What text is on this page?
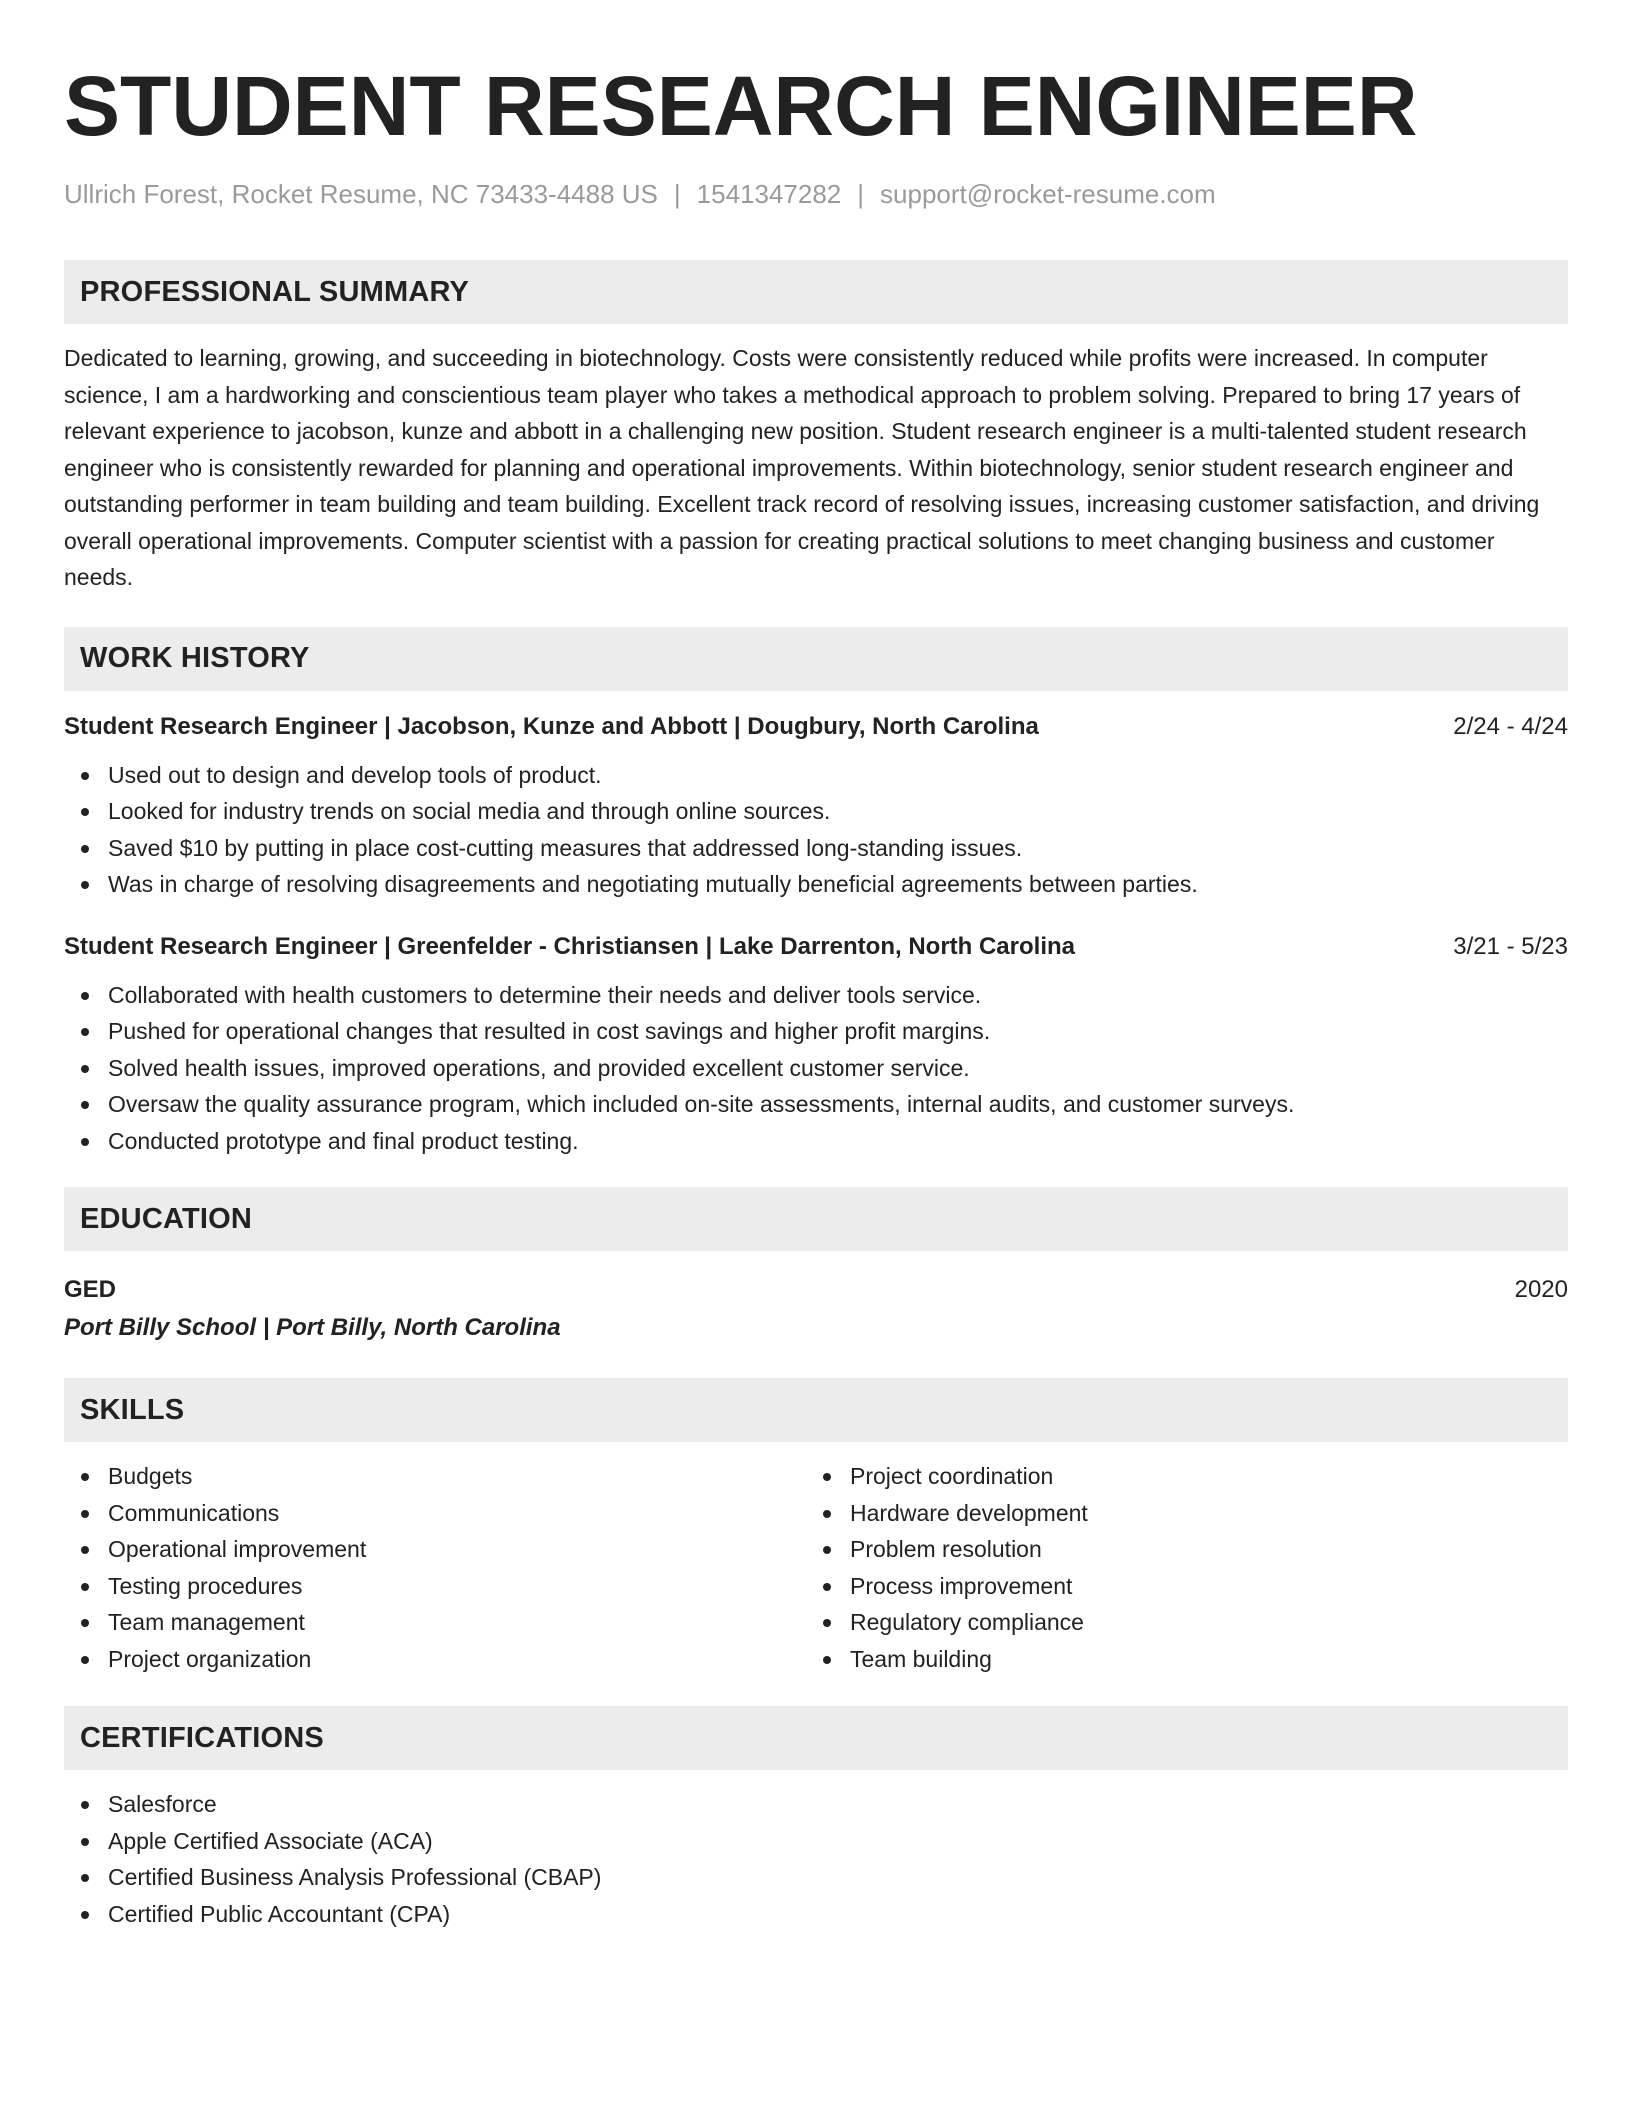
STUDENT RESEARCH ENGINEER
Ullrich Forest, Rocket Resume, NC 73433-4488 US | 1541347282 | support@rocket-resume.com
PROFESSIONAL SUMMARY

Dedicated to learning, growing, and succeeding in biotechnology. Costs were consistently reduced while profits were increased. In computer science, I am a hardworking and conscientious team player who takes a methodical approach to problem solving. Prepared to bring 17 years of relevant experience to jacobson, kunze and abbott in a challenging new position. Student research engineer is a multi-talented student research engineer who is consistently rewarded for planning and operational improvements. Within biotechnology, senior student research engineer and outstanding performer in team building and team building. Excellent track record of resolving issues, increasing customer satisfaction, and driving overall operational improvements. Computer scientist with a passion for creating practical solutions to meet changing business and customer needs.

WORK HISTORY
Student Research Engineer | Jacobson, Kunze and Abbott | Dougbury, North Carolina	2/24 - 4/24
Used out to design and develop tools of product.
Looked for industry trends on social media and through online sources.
Saved $10 by putting in place cost-cutting measures that addressed long-standing issues.
Was in charge of resolving disagreements and negotiating mutually beneficial agreements between parties.
Student Research Engineer | Greenfelder - Christiansen | Lake Darrenton, North Carolina	3/21 - 5/23
Collaborated with health customers to determine their needs and deliver tools service.
Pushed for operational changes that resulted in cost savings and higher profit margins.
Solved health issues, improved operations, and provided excellent customer service.
Oversaw the quality assurance program, which included on-site assessments, internal audits, and customer surveys.
Conducted prototype and final product testing.
EDUCATION
GED	2020
Port Billy School | Port Billy, North Carolina
SKILLS
Budgets
Communications
Operational improvement
Testing procedures
Team management
Project organization
Project coordination
Hardware development
Problem resolution
Process improvement
Regulatory compliance
Team building
CERTIFICATIONS
Salesforce
Apple Certified Associate (ACA)
Certified Business Analysis Professional (CBAP)
Certified Public Accountant (CPA)
